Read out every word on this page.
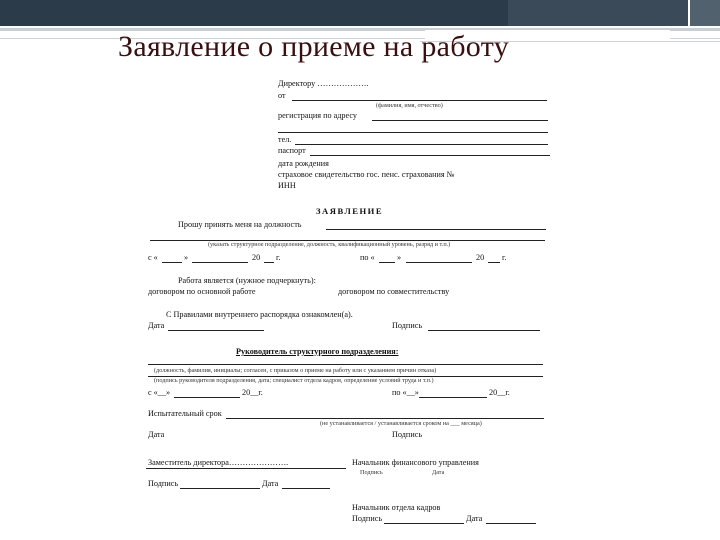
Заявление о приеме на работу
Директору ……………….
от
(фамилия, имя, отчество)
регистрация по адресу
тел.
паспорт
дата рождения
страховое свидетельство гос. пенс. страхования №
ИНН
ЗАЯВЛЕНИЕ
Прошу принять меня на должность
(указать структурное подразделение, должность, квалификационный уровень, разряд и т.п.)
с «	»	20 г.	по «	»	20 г.
Работа является (нужное подчеркнуть):
договором по основной работе	договором по совместительству
С Правилами внутреннего распорядка ознакомлен(а).
Дата	Подпись
Руководитель структурного подразделения:
(должность, фамилия, инициалы; согласен, с приказом о приеме на работу или с указанием причин отказа)
(подпись руководителя подразделения, дата; специалист отдела кадров, определение условий труда и т.п.)
с «__»	20__г.	по «__»	20__г.
Испытательный срок
(не устанавливается / устанавливается сроком на ___ месяца)
Дата	Подпись
Заместитель директора………………….
Подпись	Дата
Начальник финансового управления
Подпись	Дата
Начальник отдела кадров
Подпись	Дата
